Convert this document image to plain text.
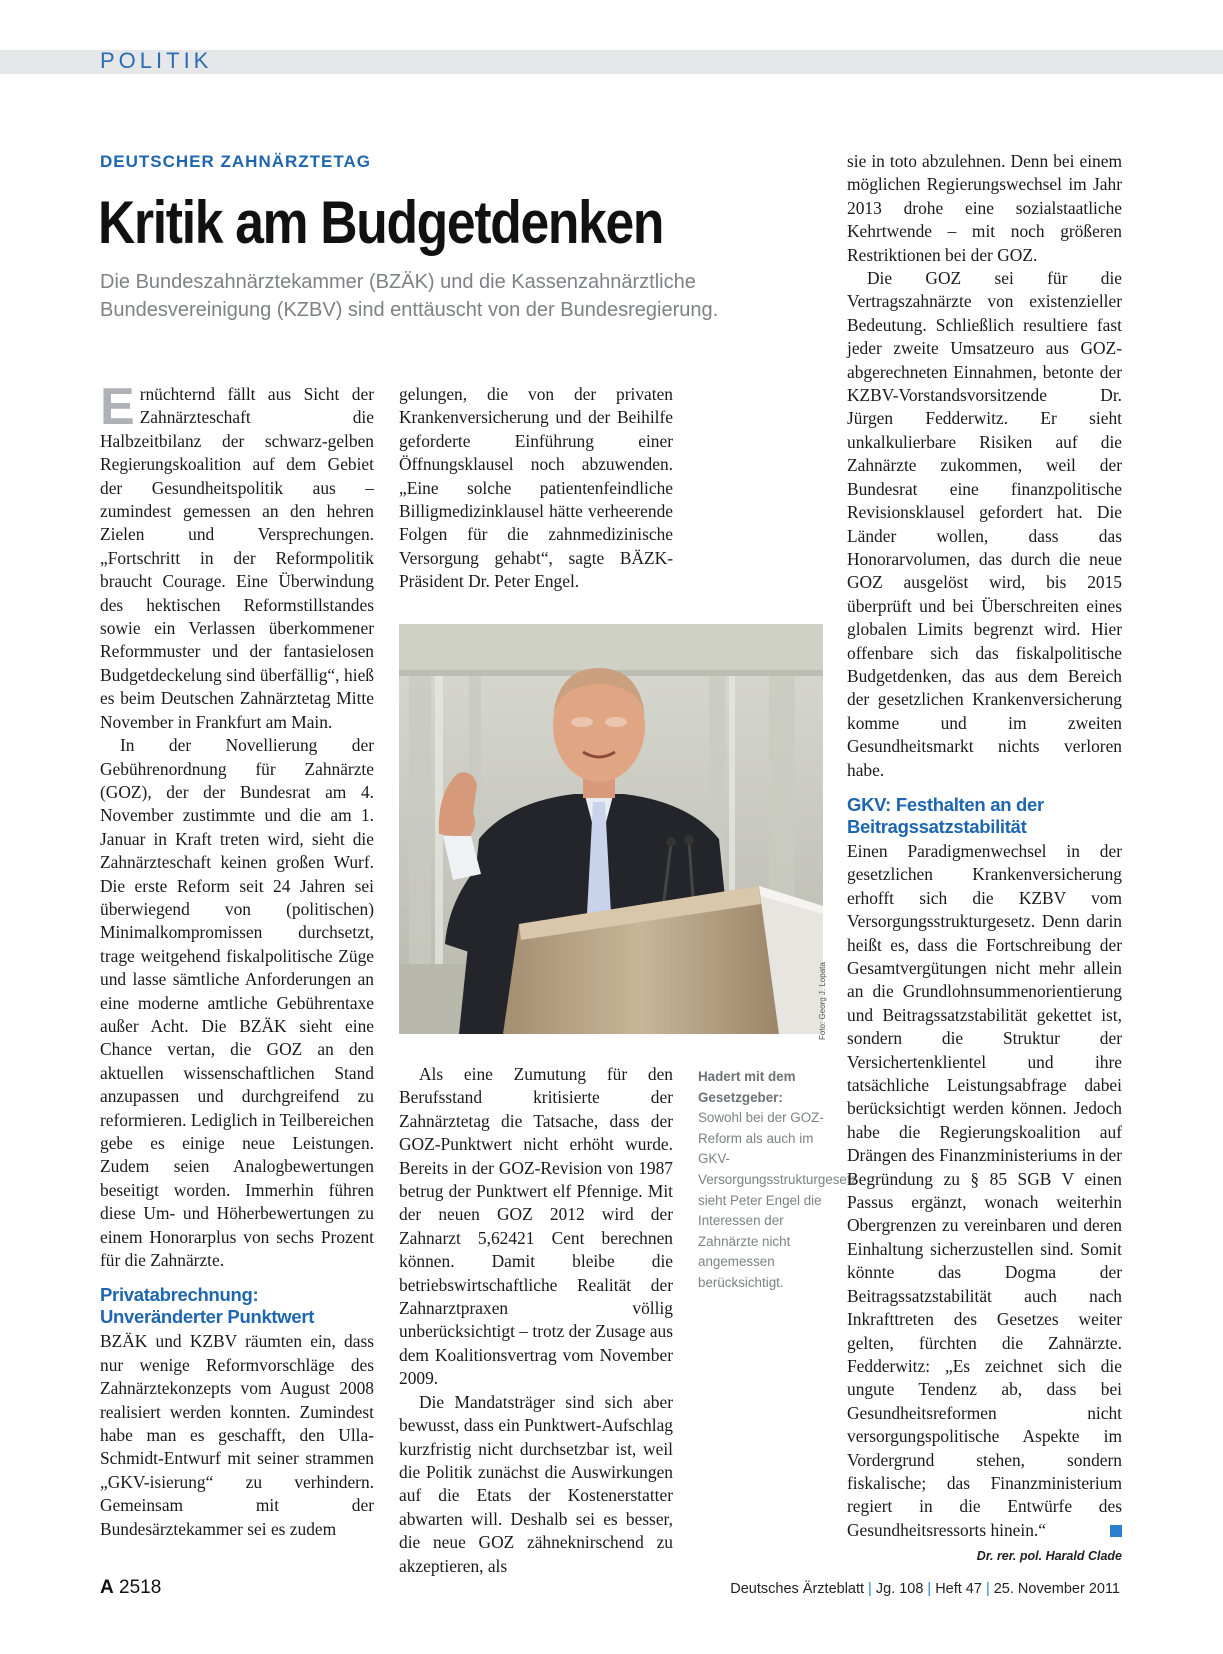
POLITIK
DEUTSCHER ZAHNÄRZTETAG
Kritik am Budgetdenken
Die Bundeszahnärztekammer (BZÄK) und die Kassenzahnärztliche Bundesvereinigung (KZBV) sind enttäuscht von der Bundesregierung.

Ernüchternd fällt aus Sicht der Zahnärzteschaft die Halbzeitbilanz der schwarz-gelben Regierungskoalition auf dem Gebiet der Gesundheitspolitik aus – zumindest gemessen an den hehren Zielen und Versprechungen. „Fortschritt in der Reformpolitik braucht Courage. Eine Überwindung des hektischen Reformstillstandes sowie ein Verlassen überkommener Reformmuster und der fantasielosen Budgetdeckelung sind überfällig“, hieß es beim Deutschen Zahnärztetag Mitte November in Frankfurt am Main.

In der Novellierung der Gebührenordnung für Zahnärzte (GOZ), der der Bundesrat am 4. November zustimmte und die am 1. Januar in Kraft treten wird, sieht die Zahnärzteschaft keinen großen Wurf. Die erste Reform seit 24 Jahren sei überwiegend von (politischen) Minimalkompromissen durchsetzt, trage weitgehend fiskalpolitische Züge und lasse sämtliche Anforderungen an eine moderne amtliche Gebührentaxe außer Acht. Die BZÄK sieht eine Chance vertan, die GOZ an den aktuellen wissenschaftlichen Stand anzupassen und durchgreifend zu reformieren. Lediglich in Teilbereichen gebe es einige neue Leistungen. Zudem seien Analogbewertungen beseitigt worden. Immerhin führen diese Um- und Höherbewertungen zu einem Honorarplus von sechs Prozent für die Zahnärzte.

Privatabrechnung: Unveränderter Punktwert

BZÄK und KZBV räumten ein, dass nur wenige Reformvorschläge des Zahnärztekonzepts vom August 2008 realisiert werden konnten. Zumindest habe man es geschafft, den Ulla-Schmidt-Entwurf mit seiner strammen „GKV-isierung“ zu verhindern. Gemeinsam mit der Bundesärztekammer sei es zudem

gelungen, die von der privaten Krankenversicherung und der Beihilfe geforderte Einführung einer Öffnungsklausel noch abzuwenden. „Eine solche patientenfeindliche Billigmedizinklausel hätte verheerende Folgen für die zahnmedizinische Versorgung gehabt“, sagte BÄZK-Präsident Dr. Peter Engel.

Foto: Georg J. Lopata
Hadert mit dem Gesetzgeber: Sowohl bei der GOZ-Reform als auch im GKV-Versorgungsstrukturgesetz sieht Peter Engel die Interessen der Zahnärzte nicht angemessen berücksichtigt.

Als eine Zumutung für den Berufsstand kritisierte der Zahnärztetag die Tatsache, dass der GOZ-Punktwert nicht erhöht wurde. Bereits in der GOZ-Revision von 1987 betrug der Punktwert elf Pfennige. Mit der neuen GOZ 2012 wird der Zahnarzt 5,62421 Cent berechnen können. Damit bleibe die betriebswirtschaftliche Realität der Zahnarztpraxen völlig unberücksichtigt – trotz der Zusage aus dem Koalitionsvertrag vom November 2009.

Die Mandatsträger sind sich aber bewusst, dass ein Punktwert-Aufschlag kurzfristig nicht durchsetzbar ist, weil die Politik zunächst die Auswirkungen auf die Etats der Kostenerstatter abwarten will. Deshalb sei es besser, die neue GOZ zähneknirschend zu akzeptieren, als

sie in toto abzulehnen. Denn bei einem möglichen Regierungswechsel im Jahr 2013 drohe eine sozialstaatliche Kehrtwende – mit noch größeren Restriktionen bei der GOZ.

Die GOZ sei für die Vertragszahnärzte von existenzieller Bedeutung. Schließlich resultiere fast jeder zweite Umsatzeuro aus GOZ-abgerechneten Einnahmen, betonte der KZBV-Vorstandsvorsitzende Dr. Jürgen Fedderwitz. Er sieht unkalkulierbare Risiken auf die Zahnärzte zukommen, weil der Bundesrat eine finanzpolitische Revisionsklausel gefordert hat. Die Länder wollen, dass das Honorarvolumen, das durch die neue GOZ ausgelöst wird, bis 2015 überprüft und bei Überschreiten eines globalen Limits begrenzt wird. Hier offenbare sich das fiskalpolitische Budgetdenken, das aus dem Bereich der gesetzlichen Krankenversicherung komme und im zweiten Gesundheitsmarkt nichts verloren habe.

GKV: Festhalten an der Beitragssatzstabilität

Einen Paradigmenwechsel in der gesetzlichen Krankenversicherung erhofft sich die KZBV vom Versorgungsstrukturgesetz. Denn darin heißt es, dass die Fortschreibung der Gesamtvergütungen nicht mehr allein an die Grundlohnsummenorientierung und Beitragssatzstabilität gekettet ist, sondern die Struktur der Versichertenklientel und ihre tatsächliche Leistungsabfrage dabei berücksichtigt werden können. Jedoch habe die Regierungskoalition auf Drängen des Finanzministeriums in der Begründung zu § 85 SGB V einen Passus ergänzt, wonach weiterhin Obergrenzen zu vereinbaren und deren Einhaltung sicherzustellen sind. Somit könnte das Dogma der Beitragssatzstabilität auch nach Inkrafttreten des Gesetzes weiter gelten, fürchten die Zahnärzte. Fedderwitz: „Es zeichnet sich die ungute Tendenz ab, dass bei Gesundheitsreformen nicht versorgungspolitische Aspekte im Vordergrund stehen, sondern fiskalische; das Finanzministerium regiert in die Entwürfe des Gesundheitsressorts hinein.“

Dr. rer. pol. Harald Clade

A 2518	Deutsches Ärzteblatt | Jg. 108 | Heft 47 | 25. November 2011
